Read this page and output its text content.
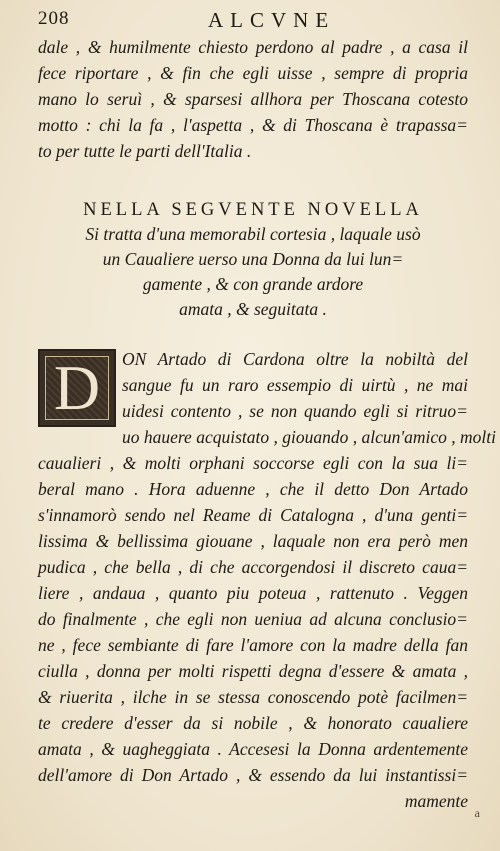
208	ALCVNE
dale , & humilmente chiesto perdono al padre , a casa il
fece riportare , & fin che egli uisse , sempre di propria
mano lo seruì , & sparsesi allhora per Thoscana cotesto
motto : chi la fa , l'aspetta , & di Thoscana è trapassa=
to per tutte le parti dell'Italia .
NELLA SEGVENTE NOVELLA
Si tratta d'una memorabil cortesia , laquale usò
un Caualiere uerso una Donna da lui lun=
gamente , & con grande ardore
amata , & seguitata .
D	ON Artado di Cardona oltre la nobiltà del
sangue fu un raro essempio di uirtù , ne mai
uidesi contento , se non quando egli si ritruo=
uo hauere acquistato , giouando , alcun'amico , molti
caualieri , & molti orphani soccorse egli con la sua li=
beral mano . Hora aduenne , che il detto Don Artado
s'innamorò sendo nel Reame di Catalogna , d'una genti=
lissima & bellissima giouane , laquale non era però men
pudica , che bella , di che accorgendosi il discreto caua=
liere , andaua , quanto piu poteua , rattenuto . Veggen
do finalmente , che egli non ueniua ad alcuna conclusio=
ne , fece sembiante di fare l'amore con la madre della fan
ciulla , donna per molti rispetti degna d'essere & amata ,
& riuerita , ilche in se stessa conoscendo potè facilmen=
te credere d'esser da si nobile , & honorato caualiere
amata , & uagheggiata . Accesesi la Donna ardentemente
dell'amore di Don Artado , & essendo da lui instantissi=
mamente
a
